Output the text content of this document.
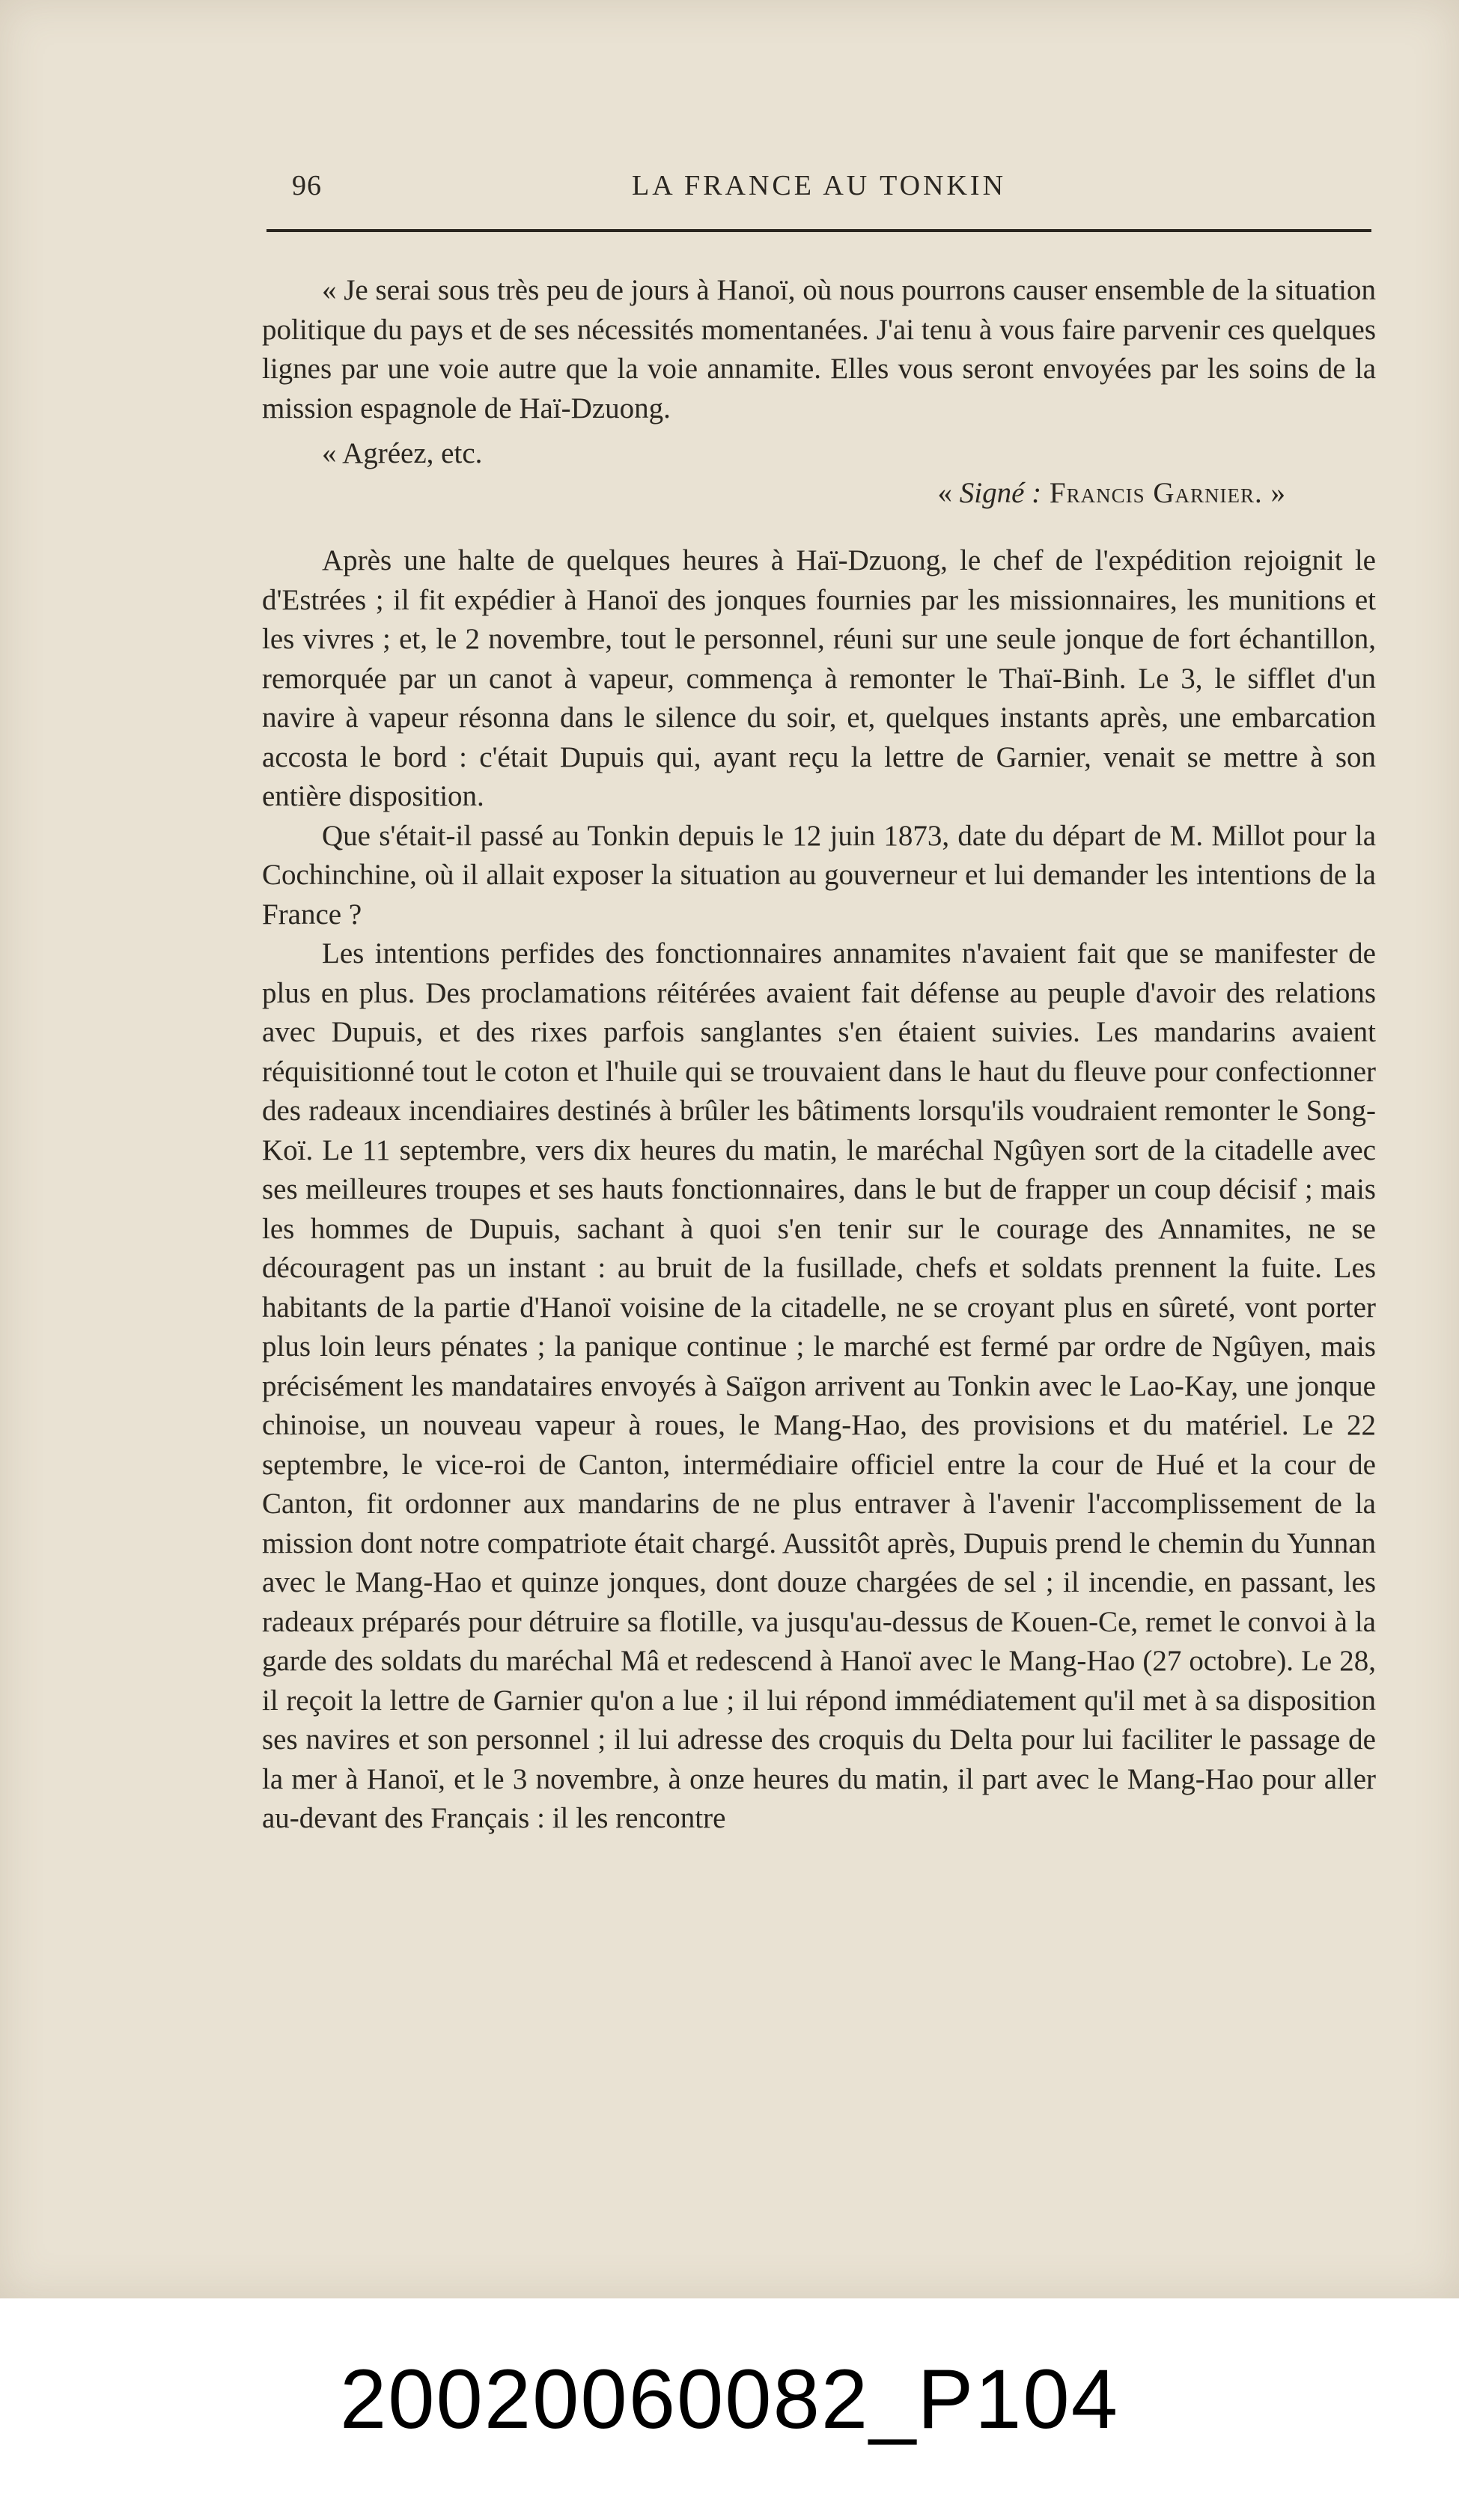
96	LA FRANCE AU TONKIN

« Je serai sous très peu de jours à Hanoï, où nous pourrons causer ensemble de la situation politique du pays et de ses nécessités momentanées. J'ai tenu à vous faire parvenir ces quelques lignes par une voie autre que la voie annamite. Elles vous seront envoyées par les soins de la mission espagnole de Haï-Dzuong.

« Agréez, etc.

« Signé : Francis Garnier. »

Après une halte de quelques heures à Haï-Dzuong, le chef de l'expédition rejoignit le d'Estrées ; il fit expédier à Hanoï des jonques fournies par les missionnaires, les munitions et les vivres ; et, le 2 novembre, tout le personnel, réuni sur une seule jonque de fort échantillon, remorquée par un canot à vapeur, commença à remonter le Thaï-Binh. Le 3, le sifflet d'un navire à vapeur résonna dans le silence du soir, et, quelques instants après, une embarcation accosta le bord : c'était Dupuis qui, ayant reçu la lettre de Garnier, venait se mettre à son entière disposition.

Que s'était-il passé au Tonkin depuis le 12 juin 1873, date du départ de M. Millot pour la Cochinchine, où il allait exposer la situation au gouverneur et lui demander les intentions de la France ?

Les intentions perfides des fonctionnaires annamites n'avaient fait que se manifester de plus en plus. Des proclamations réitérées avaient fait défense au peuple d'avoir des relations avec Dupuis, et des rixes parfois sanglantes s'en étaient suivies. Les mandarins avaient réquisitionné tout le coton et l'huile qui se trouvaient dans le haut du fleuve pour confectionner des radeaux incendiaires destinés à brûler les bâtiments lorsqu'ils voudraient remonter le Song-Koï. Le 11 septembre, vers dix heures du matin, le maréchal Ngûyen sort de la citadelle avec ses meilleures troupes et ses hauts fonctionnaires, dans le but de frapper un coup décisif ; mais les hommes de Dupuis, sachant à quoi s'en tenir sur le courage des Annamites, ne se découragent pas un instant : au bruit de la fusillade, chefs et soldats prennent la fuite. Les habitants de la partie d'Hanoï voisine de la citadelle, ne se croyant plus en sûreté, vont porter plus loin leurs pénates ; la panique continue ; le marché est fermé par ordre de Ngûyen, mais précisément les mandataires envoyés à Saïgon arrivent au Tonkin avec le Lao-Kay, une jonque chinoise, un nouveau vapeur à roues, le Mang-Hao, des provisions et du matériel. Le 22 septembre, le vice-roi de Canton, intermédiaire officiel entre la cour de Hué et la cour de Canton, fit ordonner aux mandarins de ne plus entraver à l'avenir l'accomplissement de la mission dont notre compatriote était chargé. Aussitôt après, Dupuis prend le chemin du Yunnan avec le Mang-Hao et quinze jonques, dont douze chargées de sel ; il incendie, en passant, les radeaux préparés pour détruire sa flotille, va jusqu'au-dessus de Kouen-Ce, remet le convoi à la garde des soldats du maréchal Mâ et redescend à Hanoï avec le Mang-Hao (27 octobre). Le 28, il reçoit la lettre de Garnier qu'on a lue ; il lui répond immédiatement qu'il met à sa disposition ses navires et son personnel ; il lui adresse des croquis du Delta pour lui faciliter le passage de la mer à Hanoï, et le 3 novembre, à onze heures du matin, il part avec le Mang-Hao pour aller au-devant des Français : il les rencontre

20020060082_P104
